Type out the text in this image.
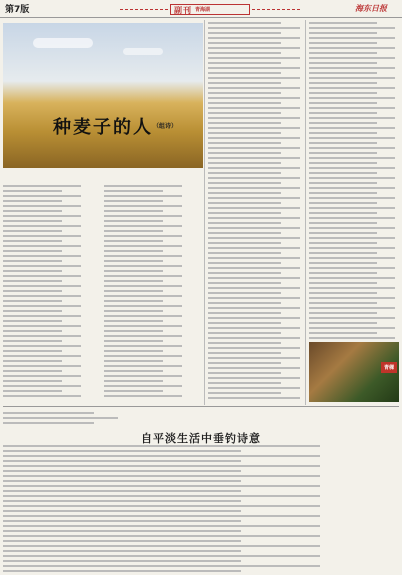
第7版	副刊 青海湖	海东日报
种麦子的人 （组诗）
青稞
自平淡生活中垂钓诗意
